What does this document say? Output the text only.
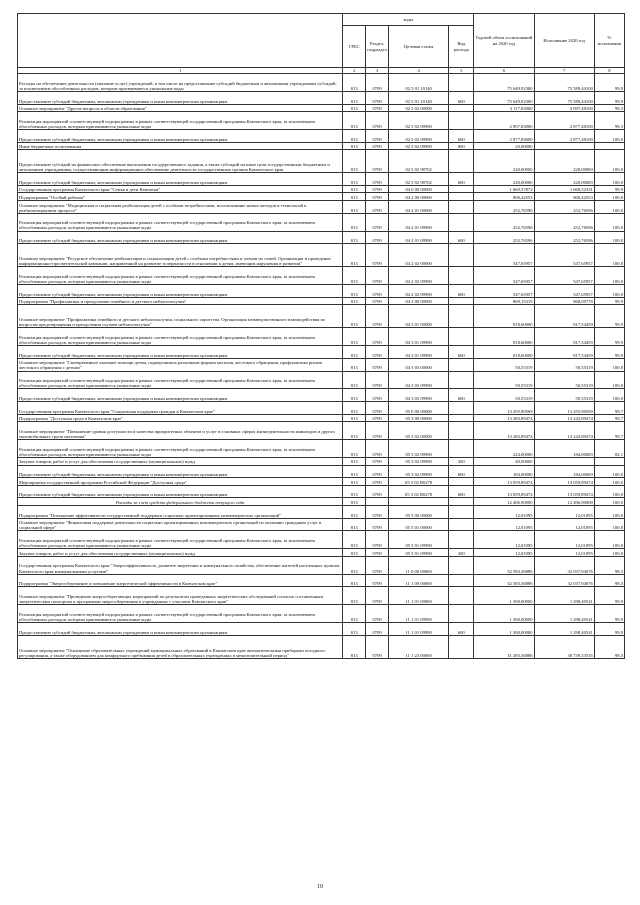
	коды				Годовой объем ассигнований на 2020 год	Исполнение 2020 год	% исполнения
	ГРБС	Раздел, подраздел	Целевая статья	Вид расхода			
1	2	3	4	5	6	7	8
Расходы на обеспечение деятельности (оказание услуг) учреждений, в том числе на предоставление субсидий бюджетным и автономным учреждениям субсидий, за исключением обособленных расходов, которым присваиваются уникальные коды	813	0709	02 5 01 10140		75 649,92300	75 589,44100	99,9
Предоставление субсидий бюджетным, автономным учреждениям и иным некоммерческим организациям	813	0709	02 5 01 10140	600	75 649,92300	75 589,44100	99,9
Основное мероприятие "Другие вопросы в области образования"	813	0709	02 5 02 00000		3 117,83000	3 097,48100	99,3
Реализация мероприятий соответствующей подпрограммы в рамках соответствующей государственной программы Камчатского края, за исключением обособленных расходов, которым присваиваются уникальные коды	813	0709	02 5 02 09990		2 897,83000	2 877,48100	99,3
Предоставление субсидий бюджетным, автономным учреждениям и иным некоммерческим организациям	813	0709	02 5 02 09990	600	2 877,83000	2 877,48100	100,0
Иные бюджетные ассигнования	813	0709	02 5 02 09990	800	20,00000		
Предоставление субсидий на финансовое обеспечение выполнения государственного задания, а также субсидий на иные цели государственным бюджетным и автономным учреждениям, осуществляющим информационное обеспечение деятельности государственных органов Камчатского края	813	0709	02 5 02 98702		220,00000	220,00000	100,0
Предоставление субсидий бюджетным, автономным учреждениям и иным некоммерческим организациям	813	0709	02 5 02 98702	600	220,00000	220,00000	100,0
Государственная программа Камчатского края "Семья и дети Камчатки"	813	0709	04 0 00 00000		1 669,57872	1 668,52331	99,9
Подпрограмма "Особый ребенок"	813	0709	04 2 00 00000		800,42553	800,42553	100,0
Основное мероприятие "Медицинская и социальная реабилитация детей с особыми потребностями, использование новых методов и технологий в реабилитационном процессе"	813	0709	04 2 01 00000		252,76596	252,76596	100,0
Реализация мероприятий соответствующей подпрограммы в рамках соответствующей государственной программы Камчатского края, за исключением обособленных расходов, которым присваиваются уникальные коды	813	0709	04 2 01 09990		252,76596	252,76596	100,0
Предоставление субсидий бюджетным, автономным учреждениям и иным некоммерческим организациям	813	0709	04 2 01 09990	600	252,76596	252,76596	100,0
Основное мероприятие "Ресурсное обеспечение реабилитации и социализации детей с особыми потребностями и членов их семей. Организация и проведение информационно-просветительской кампании, направленной на развитие толерантности в отношении к детям, имеющим нарушения в развитии"	813	0709	04 2 02 00000		547,65957	547,65957	100,0
Реализация мероприятий соответствующей подпрограммы в рамках соответствующей государственной программы Камчатского края, за исключением обособленных расходов, которым присваиваются уникальные коды	813	0709	04 2 02 09990		547,65957	547,65957	100,0
Предоставление субсидий бюджетным, автономным учреждениям и иным некоммерческим организациям	813	0709	04 2 02 09990	600	547,65957	547,65957	100,0
Подпрограмма "Профилактика и преодоление семейного и детского неблагополучия"	813	0709	04 3 00 00000		869,15319	868,09778	99,9
Основное мероприятие "Профилактика семейного и детского неблагополучия, социального сиротства. Организация межведомственного взаимодействия по вопросам предотвращения и преодоления случаев неблагополучия"	813	0709	04 3 01 00000		818,60000	817,54459	99,9
Реализация мероприятий соответствующей подпрограммы в рамках соответствующей государственной программы Камчатского края, за исключением обособленных расходов, которым присваиваются уникальные коды	813	0709	04 3 01 09990		818,60000	817,54459	99,9
Предоставление субсидий бюджетным, автономным учреждениям и иным некоммерческим организациям	813	0709	04 3 01 09990	600	818,60000	817,54459	99,9
Основное мероприятие "Своевременное оказание помощи детям, подвергшимся различным формам насилия, жестокого обращения, профилактика рисков жестокого обращения с детьми"	813	0709	04 3 03 00000		50,55319	50,55319	100,0
Реализация мероприятий соответствующей подпрограммы в рамках соответствующей государственной программы Камчатского края, за исключением обособленных расходов, которым присваиваются уникальные коды	813	0709	04 3 03 09990		50,55319	50,55319	100,0
Предоставление субсидий бюджетным, автономным учреждениям и иным некоммерческим организациям	813	0709	04 3 03 09990	600	50,55319	50,55319	100,0
Государственная программа Камчатского края "Социальная поддержка граждан в Камчатском крае"	813	0709	05 0 00 00000		13 295,90569	13 255,90569	99,7
Подпрограмма "Доступная среда в Камчатском крае"	813	0709	05 3 00 00000		13 283,89474	13 243,89474	99,7
Основное мероприятие "Повышение уровня доступности и качества приоритетных объектов и услуг в основных сферах жизнедеятельности инвалидов и других маломобильных групп населения"	813	0709	05 3 02 00000		13 283,89474	13 243,89474	99,7
Реализация мероприятий соответствующей подпрограммы в рамках соответствующей государственной программы Камчатского края, за исключением обособленных расходов, которым присваиваются уникальные коды	813	0709	05 3 02 09990		224,00000	184,00000	82,1
Закупка товаров, работ и услуг для обеспечения государственных (муниципальных) нужд	813	0709	05 3 02 09990	200	40,00000		
Предоставление субсидий бюджетным, автономным учреждениям и иным некоммерческим организациям	813	0709	05 3 02 09990	600	184,00000	184,00000	100,0
Мероприятия государственной программы Российской Федерации "Доступная среда"	813	0709	05 3 02 R0270		13 059,89474	13 059,89474	100,0
Предоставление субсидий бюджетным, автономным учреждениям и иным некоммерческим организациям	813	0709	05 3 02 R0270	600	13 059,89474	13 059,89474	100,0
Расходы за счет средств федерального бюджета текущего года	813				12 406,90000	12 406,90000	100,0
Подпрограмма "Повышение эффективности государственной поддержки социально ориентированных некоммерческих организаций"	813	0709	05 5 00 00000		12,01095	12,01095	100,0
Основное мероприятие "Финансовая поддержка деятельности социально ориентированных некоммерческих организаций по оказанию гражданам услуг в социальной сфере"	813	0709	05 5 01 00000		12,01095	12,01095	100,0
Реализация мероприятий соответствующей подпрограммы в рамках соответствующей государственной программы Камчатского края, за исключением обособленных расходов, которым присваиваются уникальные коды	813	0709	05 5 01 09990		12,01095	12,01095	100,0
Закупка товаров, работ и услуг для обеспечения государственных (муниципальных) нужд	813	0709	05 5 01 09990	200	12,01095	12,01095	100,0
Государственная программа Камчатского края "Энергоэффективность, развитие энергетики и коммунального хозяйства, обеспечение жителей населенных пунктов Камчатского края коммунальными услугами"	813	0709	11 0 00 00000		32 583,36886	32 037,94076	98,3
Подпрограмма "Энергосбережение и повышение энергетической эффективности в Камчатском крае"	813	0709	11 1 00 00000		32 583,36886	32 037,94076	98,3
Основное мероприятие "Проведение энергосберегающих мероприятий по результатам проведенных энергетических обследований согласно составленным энергетическим паспортам и программам энергосбережения в учреждениях с участием Камчатского края"	813	0709	11 1 01 00000		1 300,00000	1 298,40541	99,9
Реализация мероприятий соответствующей подпрограммы в рамках соответствующей государственной программы Камчатского края, за исключением обособленных расходов, которым присваиваются уникальные коды	813	0709	11 1 01 09990		1 300,00000	1 298,40541	99,9
Предоставление субсидий бюджетным, автономным учреждениям и иным некоммерческим организациям	813	0709	11 1 01 09990	600	1 300,00000	1 298,40541	99,9
Основное мероприятие "Оснащение образовательных учреждений муниципальных образований в Камчатском крае автоматическими приборами погодного регулирования, а также оборудованием для комфортного пребывания детей в образовательных учреждениях в межотопительный период"	813	0709	11 1 23 00000		31 283,36886	30 739,53535	98,3
10
